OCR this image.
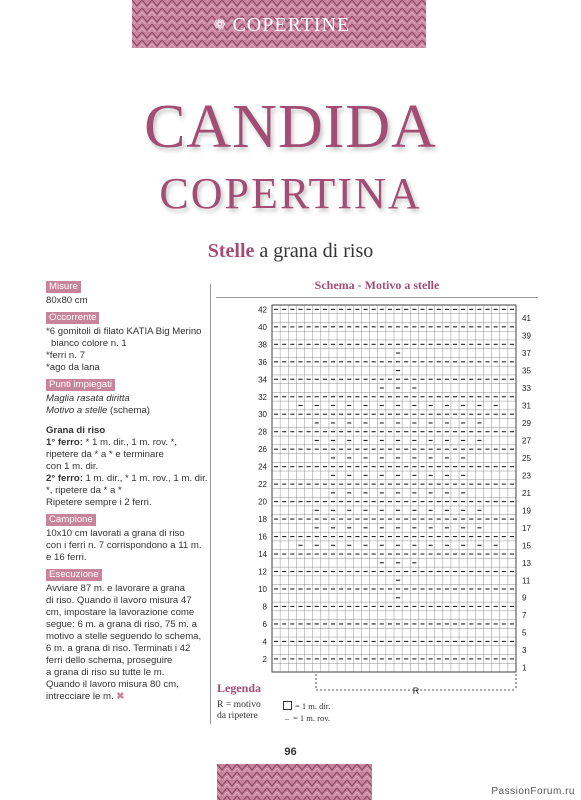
❁ COPERTINE
CANDIDA
COPERTINA
Stelle a grana di riso
Misure
80x80 cm
Occorrente
*6 gomitoli di filato KATIA Big Merino
bianco colore n. 1
*ferri n. 7
*ago da lana
Punti impiegati
Maglia rasata diritta
Motivo a stelle (schema)
Grana di riso
1° ferro: * 1 m. dir., 1 m. rov. *,
ripetere da * a * e terminare
con 1 m. dir.
2° ferro: 1 m. dir., * 1 m. rov., 1 m. dir.
*, ripetere da * a *
Ripetere sempre i 2 ferri.
Campione
10x10 cm lavorati a grana di riso
con i ferri n. 7 corrispondono a 11 m.
e 16 ferri.
Esecuzione
Avviare 87 m. e lavorare a grana
di riso. Quando il lavoro misura 47
cm, impostare la lavorazione come
segue: 6 m. a grana di riso, 75 m. a
motivo a stelle seguendo lo schema,
6 m. a grana di riso. Terminati i 42
ferri dello schema, proseguire
a grana di riso su tutte le m.
Quando il lavoro misura 80 cm,
intrecciare le m. ✖
Schema - Motivo a stelle
42
40
38
36
34
32
30
28
26
24
22
20
18
16
14
12
10
8
6
4
2
41
39
37
35
33
31
29
27
25
23
21
19
17
15
13
11
9
7
5
3
1
R
Legenda
R = motivo
da ripetere
= 1 m. dir.
– = 1 m. rov.
96
PassionForum.ru
